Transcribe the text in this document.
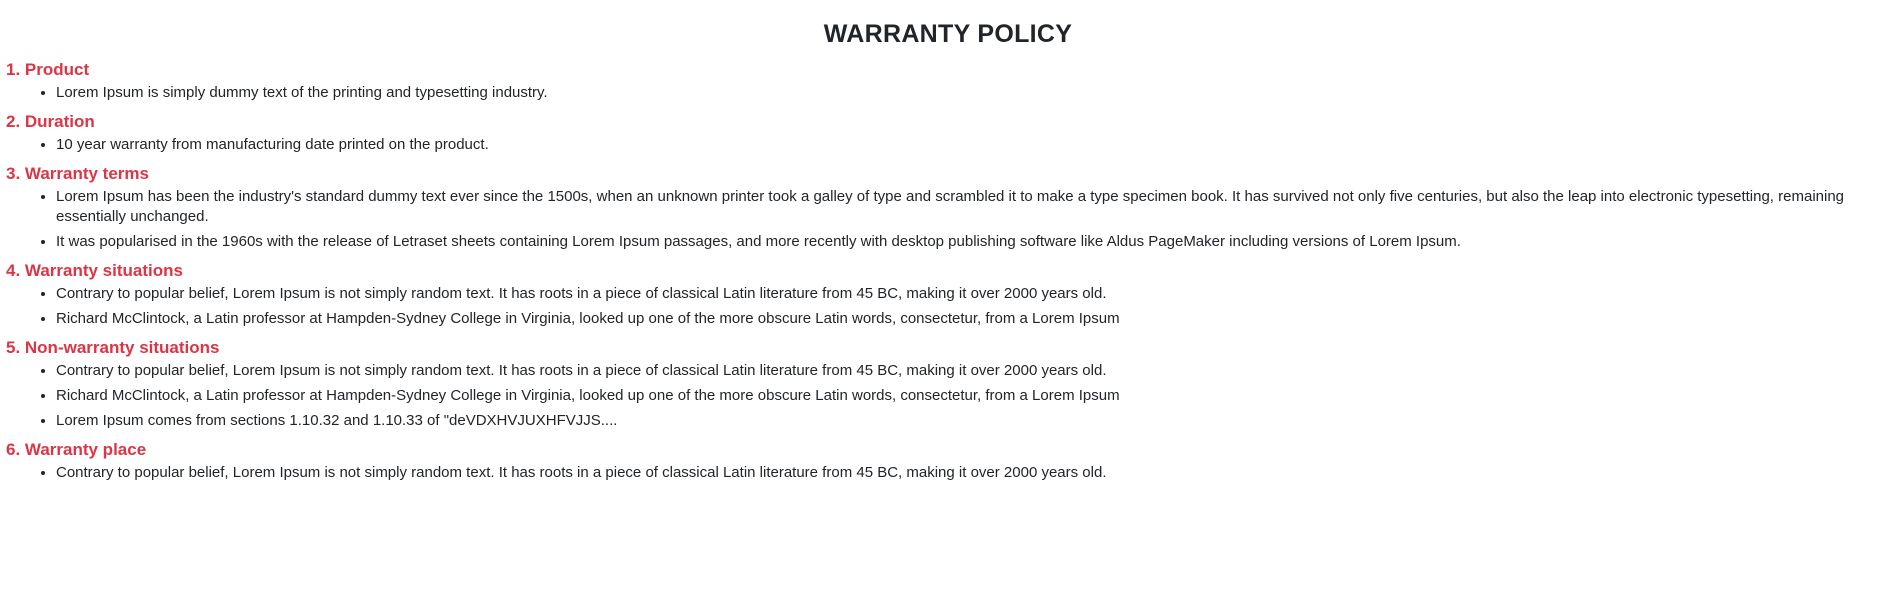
WARRANTY POLICY
1. Product
• Lorem Ipsum is simply dummy text of the printing and typesetting industry.
2. Duration
• 10 year warranty from manufacturing date printed on the product.
3. Warranty terms
• Lorem Ipsum has been the industry's standard dummy text ever since the 1500s, when an unknown printer took a galley of type and scrambled it to make a type specimen book. It has survived not only five centuries, but also the leap into electronic typesetting, remaining essentially unchanged.
• It was popularised in the 1960s with the release of Letraset sheets containing Lorem Ipsum passages, and more recently with desktop publishing software like Aldus PageMaker including versions of Lorem Ipsum.
4. Warranty situations
• Contrary to popular belief, Lorem Ipsum is not simply random text. It has roots in a piece of classical Latin literature from 45 BC, making it over 2000 years old.
• Richard McClintock, a Latin professor at Hampden-Sydney College in Virginia, looked up one of the more obscure Latin words, consectetur, from a Lorem Ipsum
5. Non-warranty situations
• Contrary to popular belief, Lorem Ipsum is not simply random text. It has roots in a piece of classical Latin literature from 45 BC, making it over 2000 years old.
• Richard McClintock, a Latin professor at Hampden-Sydney College in Virginia, looked up one of the more obscure Latin words, consectetur, from a Lorem Ipsum
• Lorem Ipsum comes from sections 1.10.32 and 1.10.33 of "deVDXHVJUXHFVJJS....
6. Warranty place
• Contrary to popular belief, Lorem Ipsum is not simply random text. It has roots in a piece of classical Latin literature from 45 BC, making it over 2000 years old.
